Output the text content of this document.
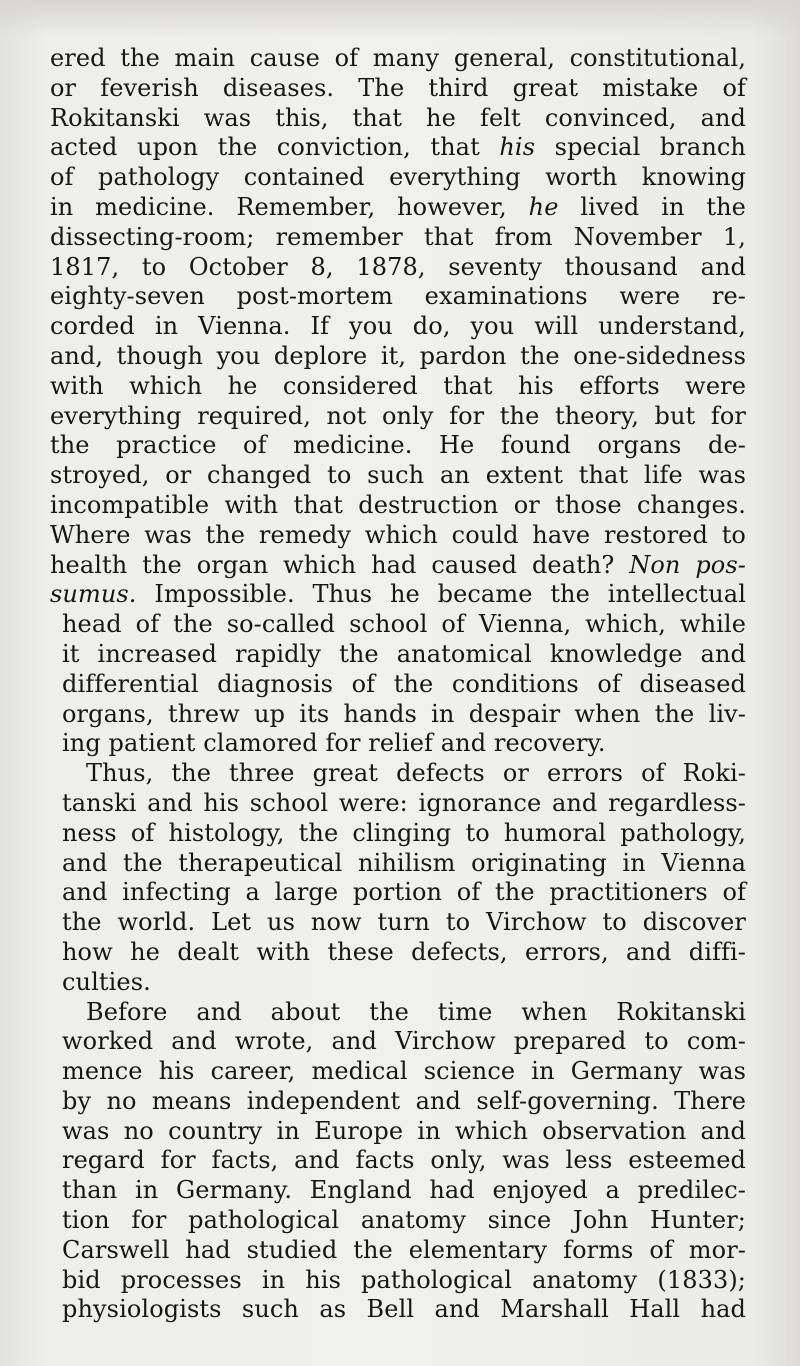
ered the main cause of many general, constitutional,
or feverish diseases. The third great mistake of
Rokitanski was this, that he felt convinced, and
acted upon the conviction, that his special branch
of pathology contained everything worth knowing
in medicine. Remember, however, he lived in the
dissecting-room; remember that from November 1,
1817, to October 8, 1878, seventy thousand and
eighty-seven post-mortem examinations were re-
corded in Vienna. If you do, you will understand,
and, though you deplore it, pardon the one-sidedness
with which he considered that his efforts were
everything required, not only for the theory, but for
the practice of medicine. He found organs de-
stroyed, or changed to such an extent that life was
incompatible with that destruction or those changes.
Where was the remedy which could have restored to
health the organ which had caused death? Non pos-
sumus. Impossible. Thus he became the intellectual
head of the so-called school of Vienna, which, while
it increased rapidly the anatomical knowledge and
differential diagnosis of the conditions of diseased
organs, threw up its hands in despair when the liv-
ing patient clamored for relief and recovery.
Thus, the three great defects or errors of Roki-
tanski and his school were: ignorance and regardless-
ness of histology, the clinging to humoral pathology,
and the therapeutical nihilism originating in Vienna
and infecting a large portion of the practitioners of
the world. Let us now turn to Virchow to discover
how he dealt with these defects, errors, and diffi-
culties.
Before and about the time when Rokitanski
worked and wrote, and Virchow prepared to com-
mence his career, medical science in Germany was
by no means independent and self-governing. There
was no country in Europe in which observation and
regard for facts, and facts only, was less esteemed
than in Germany. England had enjoyed a predilec-
tion for pathological anatomy since John Hunter;
Carswell had studied the elementary forms of mor-
bid processes in his pathological anatomy (1833);
physiologists such as Bell and Marshall Hall had
